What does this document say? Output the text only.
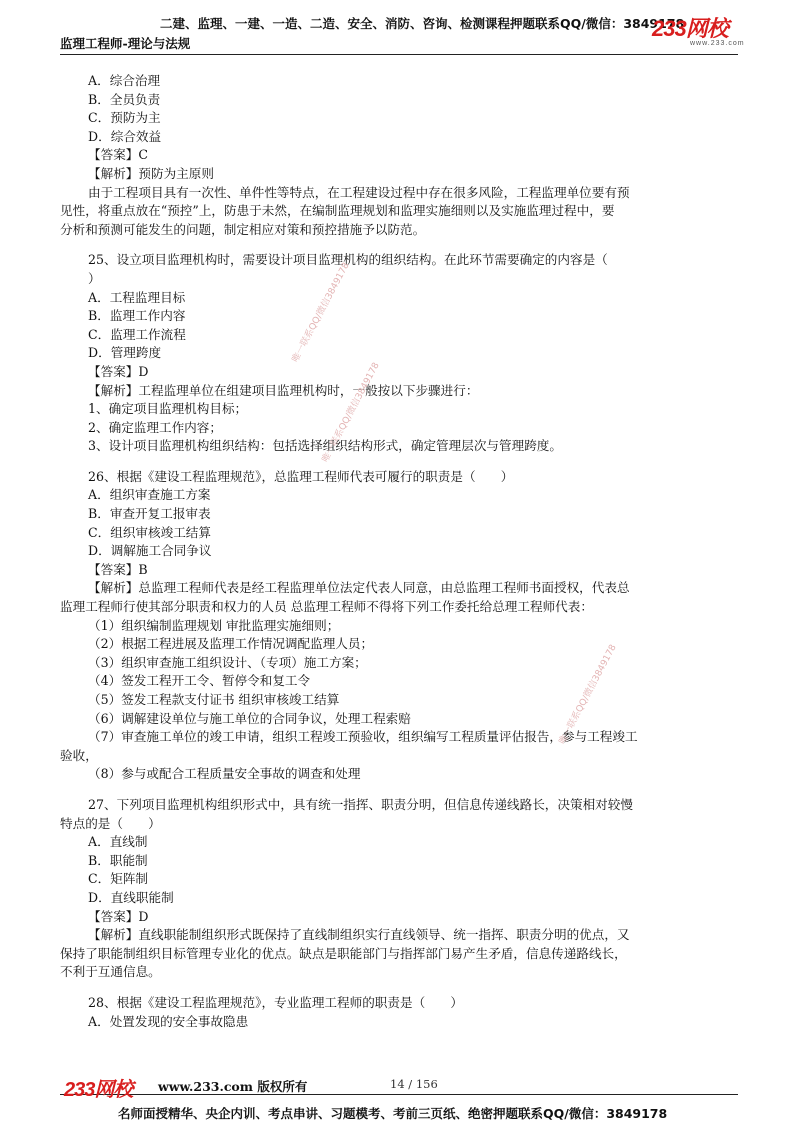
二建、监理、一建、一造、二造、安全、消防、咨询、检测课程押题联系QQ/微信：3849178
监理工程师-理论与法规
233网校
www.233.com

A．综合治理

B．全员负责

C．预防为主

D．综合效益

【答案】C

【解析】预防为主原则

由于工程项目具有一次性、单件性等特点，在工程建设过程中存在很多风险，工程监理单位要有预

见性，将重点放在“预控”上，防患于未然，在编制监理规划和监理实施细则以及实施监理过程中，要

分析和预测可能发生的问题，制定相应对策和预控措施予以防范。

25、设立项目监理机构时，需要设计项目监理机构的组织结构。在此环节需要确定的内容是（

）

A．工程监理目标

B．监理工作内容

C．监理工作流程

D．管理跨度

【答案】D

【解析】工程监理单位在组建项目监理机构时，一般按以下步骤进行：

1、确定项目监理机构目标；

2、确定监理工作内容；

3、设计项目监理机构组织结构：包括选择组织结构形式，确定管理层次与管理跨度。

26、根据《建设工程监理规范》，总监理工程师代表可履行的职责是（　　）

A．组织审查施工方案

B．审查开复工报审表

C．组织审核竣工结算

D．调解施工合同争议

【答案】B

【解析】总监理工程师代表是经工程监理单位法定代表人同意，由总监理工程师书面授权，代表总

监理工程师行使其部分职责和权力的人员 总监理工程师不得将下列工作委托给总理工程师代表：

（1）组织编制监理规划 审批监理实施细则；

（2）根据工程进展及监理工作情况调配监理人员；

（3）组织审查施工组织设计、（专项）施工方案；

（4）签发工程开工令、暂停令和复工令

（5）签发工程款支付证书 组织审核竣工结算

（6）调解建设单位与施工单位的合同争议，处理工程索赔

（7）审查施工单位的竣工申请，组织工程竣工预验收，组织编写工程质量评估报告，参与工程竣工

验收，

（8）参与或配合工程质量安全事故的调查和处理

27、下列项目监理机构组织形式中，具有统一指挥、职责分明，但信息传递线路长，决策相对较慢

特点的是（　　）

A．直线制

B．职能制

C．矩阵制

D．直线职能制

【答案】D

【解析】直线职能制组织形式既保持了直线制组织实行直线领导、统一指挥、职责分明的优点，又

保持了职能制组织目标管理专业化的优点。缺点是职能部门与指挥部门易产生矛盾，信息传递路线长，

不利于互通信息。

28、根据《建设工程监理规范》，专业监理工程师的职责是（　　）

A．处置发现的安全事故隐患

唯一联系QQ/微信3849178
唯一联系QQ/微信3849178
唯一联系QQ/微信3849178
233网校 www.233.com 版权所有	14 / 156
名师面授精华、央企内训、考点串讲、习题模考、考前三页纸、绝密押题联系QQ/微信：3849178
